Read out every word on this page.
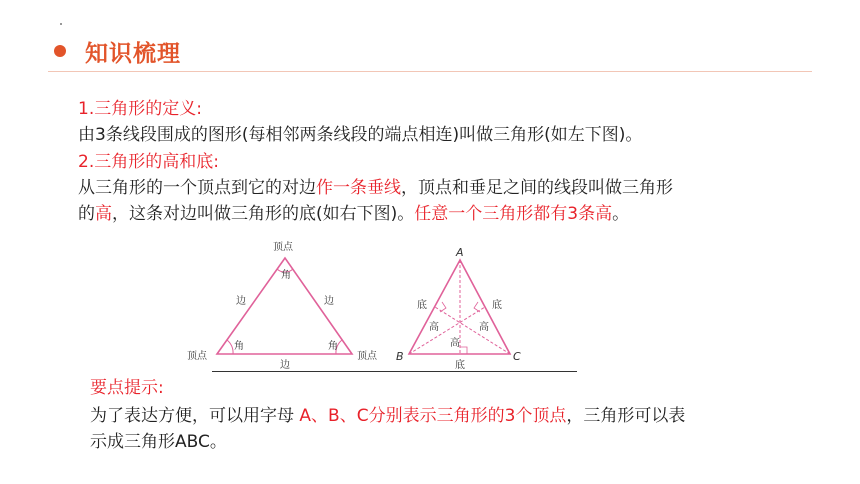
知识梳理
1.三角形的定义:
由3条线段围成的图形(每相邻两条线段的端点相连)叫做三角形(如左下图)。
2.三角形的高和底:
从三角形的一个顶点到它的对边作一条垂线，顶点和垂足之间的线段叫做三角形
的高，这条对边叫做三角形的底(如右下图)。任意一个三角形都有3条高。
顶点
角
边	边
角	角
顶点	顶点
边
A
B	C
底	底
高	高
高
底
要点提示:
为了表达方便，可以用字母 A、B、C分别表示三角形的3个顶点，三角形可以表
示成三角形ABC。
